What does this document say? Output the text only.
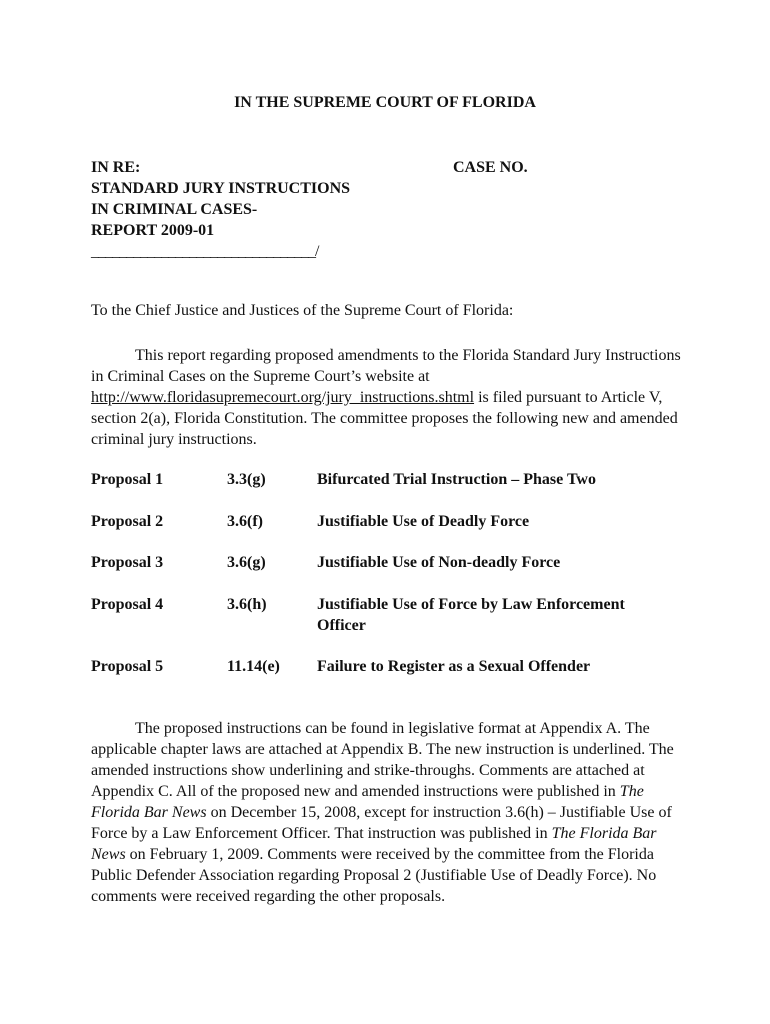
IN THE SUPREME COURT OF FLORIDA
IN RE:
STANDARD JURY INSTRUCTIONS
IN CRIMINAL CASES-
REPORT 2009-01
________________________________/
CASE NO.
To the Chief Justice and Justices of the Supreme Court of Florida:
This report regarding proposed amendments to the Florida Standard Jury Instructions in Criminal Cases on the Supreme Court’s website at http://www.floridasupremecourt.org/jury_instructions.shtml is filed pursuant to Article V, section 2(a), Florida Constitution. The committee proposes the following new and amended criminal jury instructions.
Proposal 1	3.3(g)	Bifurcated Trial Instruction – Phase Two
Proposal 2	3.6(f)	Justifiable Use of Deadly Force
Proposal 3	3.6(g)	Justifiable Use of Non-deadly Force
Proposal 4	3.6(h)	Justifiable Use of Force by Law Enforcement Officer
Proposal 5	11.14(e) Failure to Register as a Sexual Offender
The proposed instructions can be found in legislative format at Appendix A. The applicable chapter laws are attached at Appendix B. The new instruction is underlined. The amended instructions show underlining and strike-throughs. Comments are attached at Appendix C. All of the proposed new and amended instructions were published in The Florida Bar News on December 15, 2008, except for instruction 3.6(h) – Justifiable Use of Force by a Law Enforcement Officer. That instruction was published in The Florida Bar News on February 1, 2009. Comments were received by the committee from the Florida Public Defender Association regarding Proposal 2 (Justifiable Use of Deadly Force). No comments were received regarding the other proposals.
